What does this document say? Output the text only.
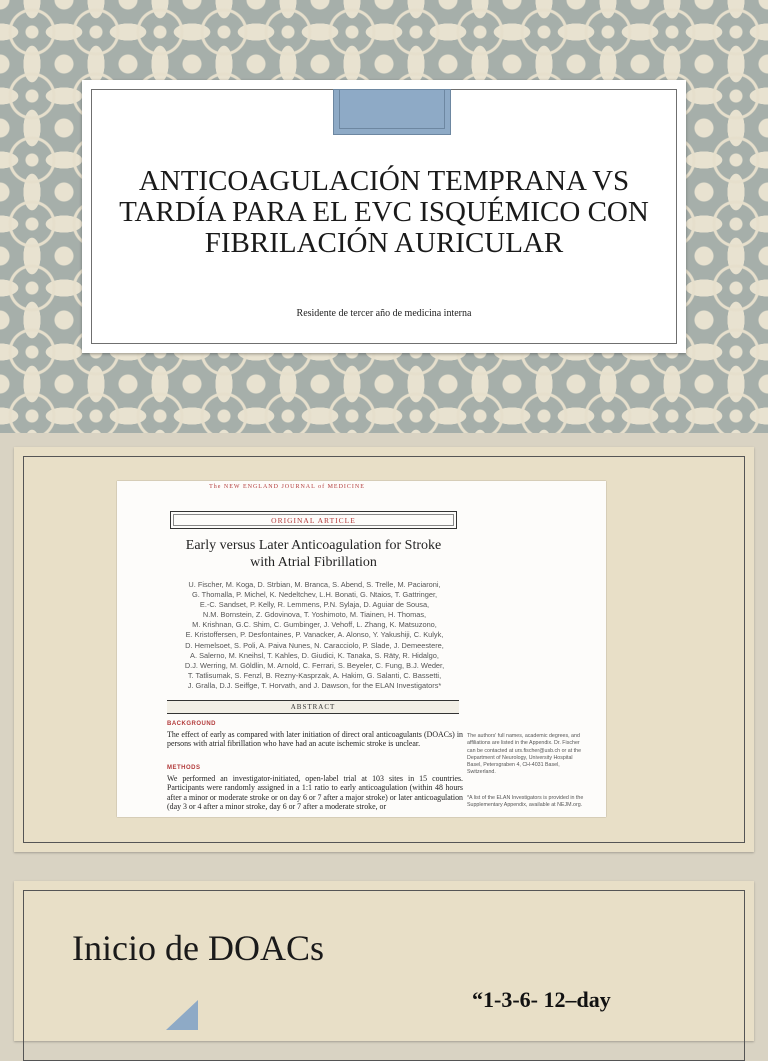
ANTICOAGULACIÓN TEMPRANA VS
TARDÍA PARA EL EVC ISQUÉMICO CON
FIBRILACIÓN AURICULAR
Residente de tercer año de medicina interna
The NEW ENGLAND JOURNAL of MEDICINE
ORIGINAL ARTICLE
Early versus Later Anticoagulation for Stroke
with Atrial Fibrillation
U. Fischer, M. Koga, D. Strbian, M. Branca, S. Abend, S. Trelle, M. Paciaroni,
G. Thomalla, P. Michel, K. Nedeltchev, L.H. Bonati, G. Ntaios, T. Gattringer,
E.-C. Sandset, P. Kelly, R. Lemmens, P.N. Sylaja, D. Aguiar de Sousa,
N.M. Bornstein, Z. Gdovinova, T. Yoshimoto, M. Tiainen, H. Thomas,
M. Krishnan, G.C. Shim, C. Gumbinger, J. Vehoff, L. Zhang, K. Matsuzono,
E. Kristoffersen, P. Desfontaines, P. Vanacker, A. Alonso, Y. Yakushiji, C. Kulyk,
D. Hemelsoet, S. Poli, A. Paiva Nunes, N. Caracciolo, P. Slade, J. Demeestere,
A. Salerno, M. Kneihsl, T. Kahles, D. Giudici, K. Tanaka, S. Räty, R. Hidalgo,
D.J. Werring, M. Göldlin, M. Arnold, C. Ferrari, S. Beyeler, C. Fung, B.J. Weder,
T. Tatlisumak, S. Fenzl, B. Rezny-Kasprzak, A. Hakim, G. Salanti, C. Bassetti,
J. Gralla, D.J. Seiffge, T. Horvath, and J. Dawson, for the ELAN Investigators*
ABSTRACT
BACKGROUND
The effect of early as compared with later initiation of direct oral anticoagulants (DOACs) in persons with atrial fibrillation who have had an acute ischemic stroke is unclear.
METHODS
We performed an investigator-initiated, open-label trial at 103 sites in 15 countries. Participants were randomly assigned in a 1:1 ratio to early anticoagulation (within 48 hours after a minor or moderate stroke or on day 6 or 7 after a major stroke) or later anticoagulation (day 3 or 4 after a minor stroke, day 6 or 7 after a moderate stroke, or
The authors' full names, academic degrees, and affiliations are listed in the Appendix. Dr. Fischer can be contacted at urs.fischer@usb.ch or at the Department of Neurology, University Hospital Basel, Petersgraben 4, CH-4031 Basel, Switzerland.
*A list of the ELAN Investigators is provided in the Supplementary Appendix, available at NEJM.org.
Inicio de DOACs
“1-3-6- 12–day
